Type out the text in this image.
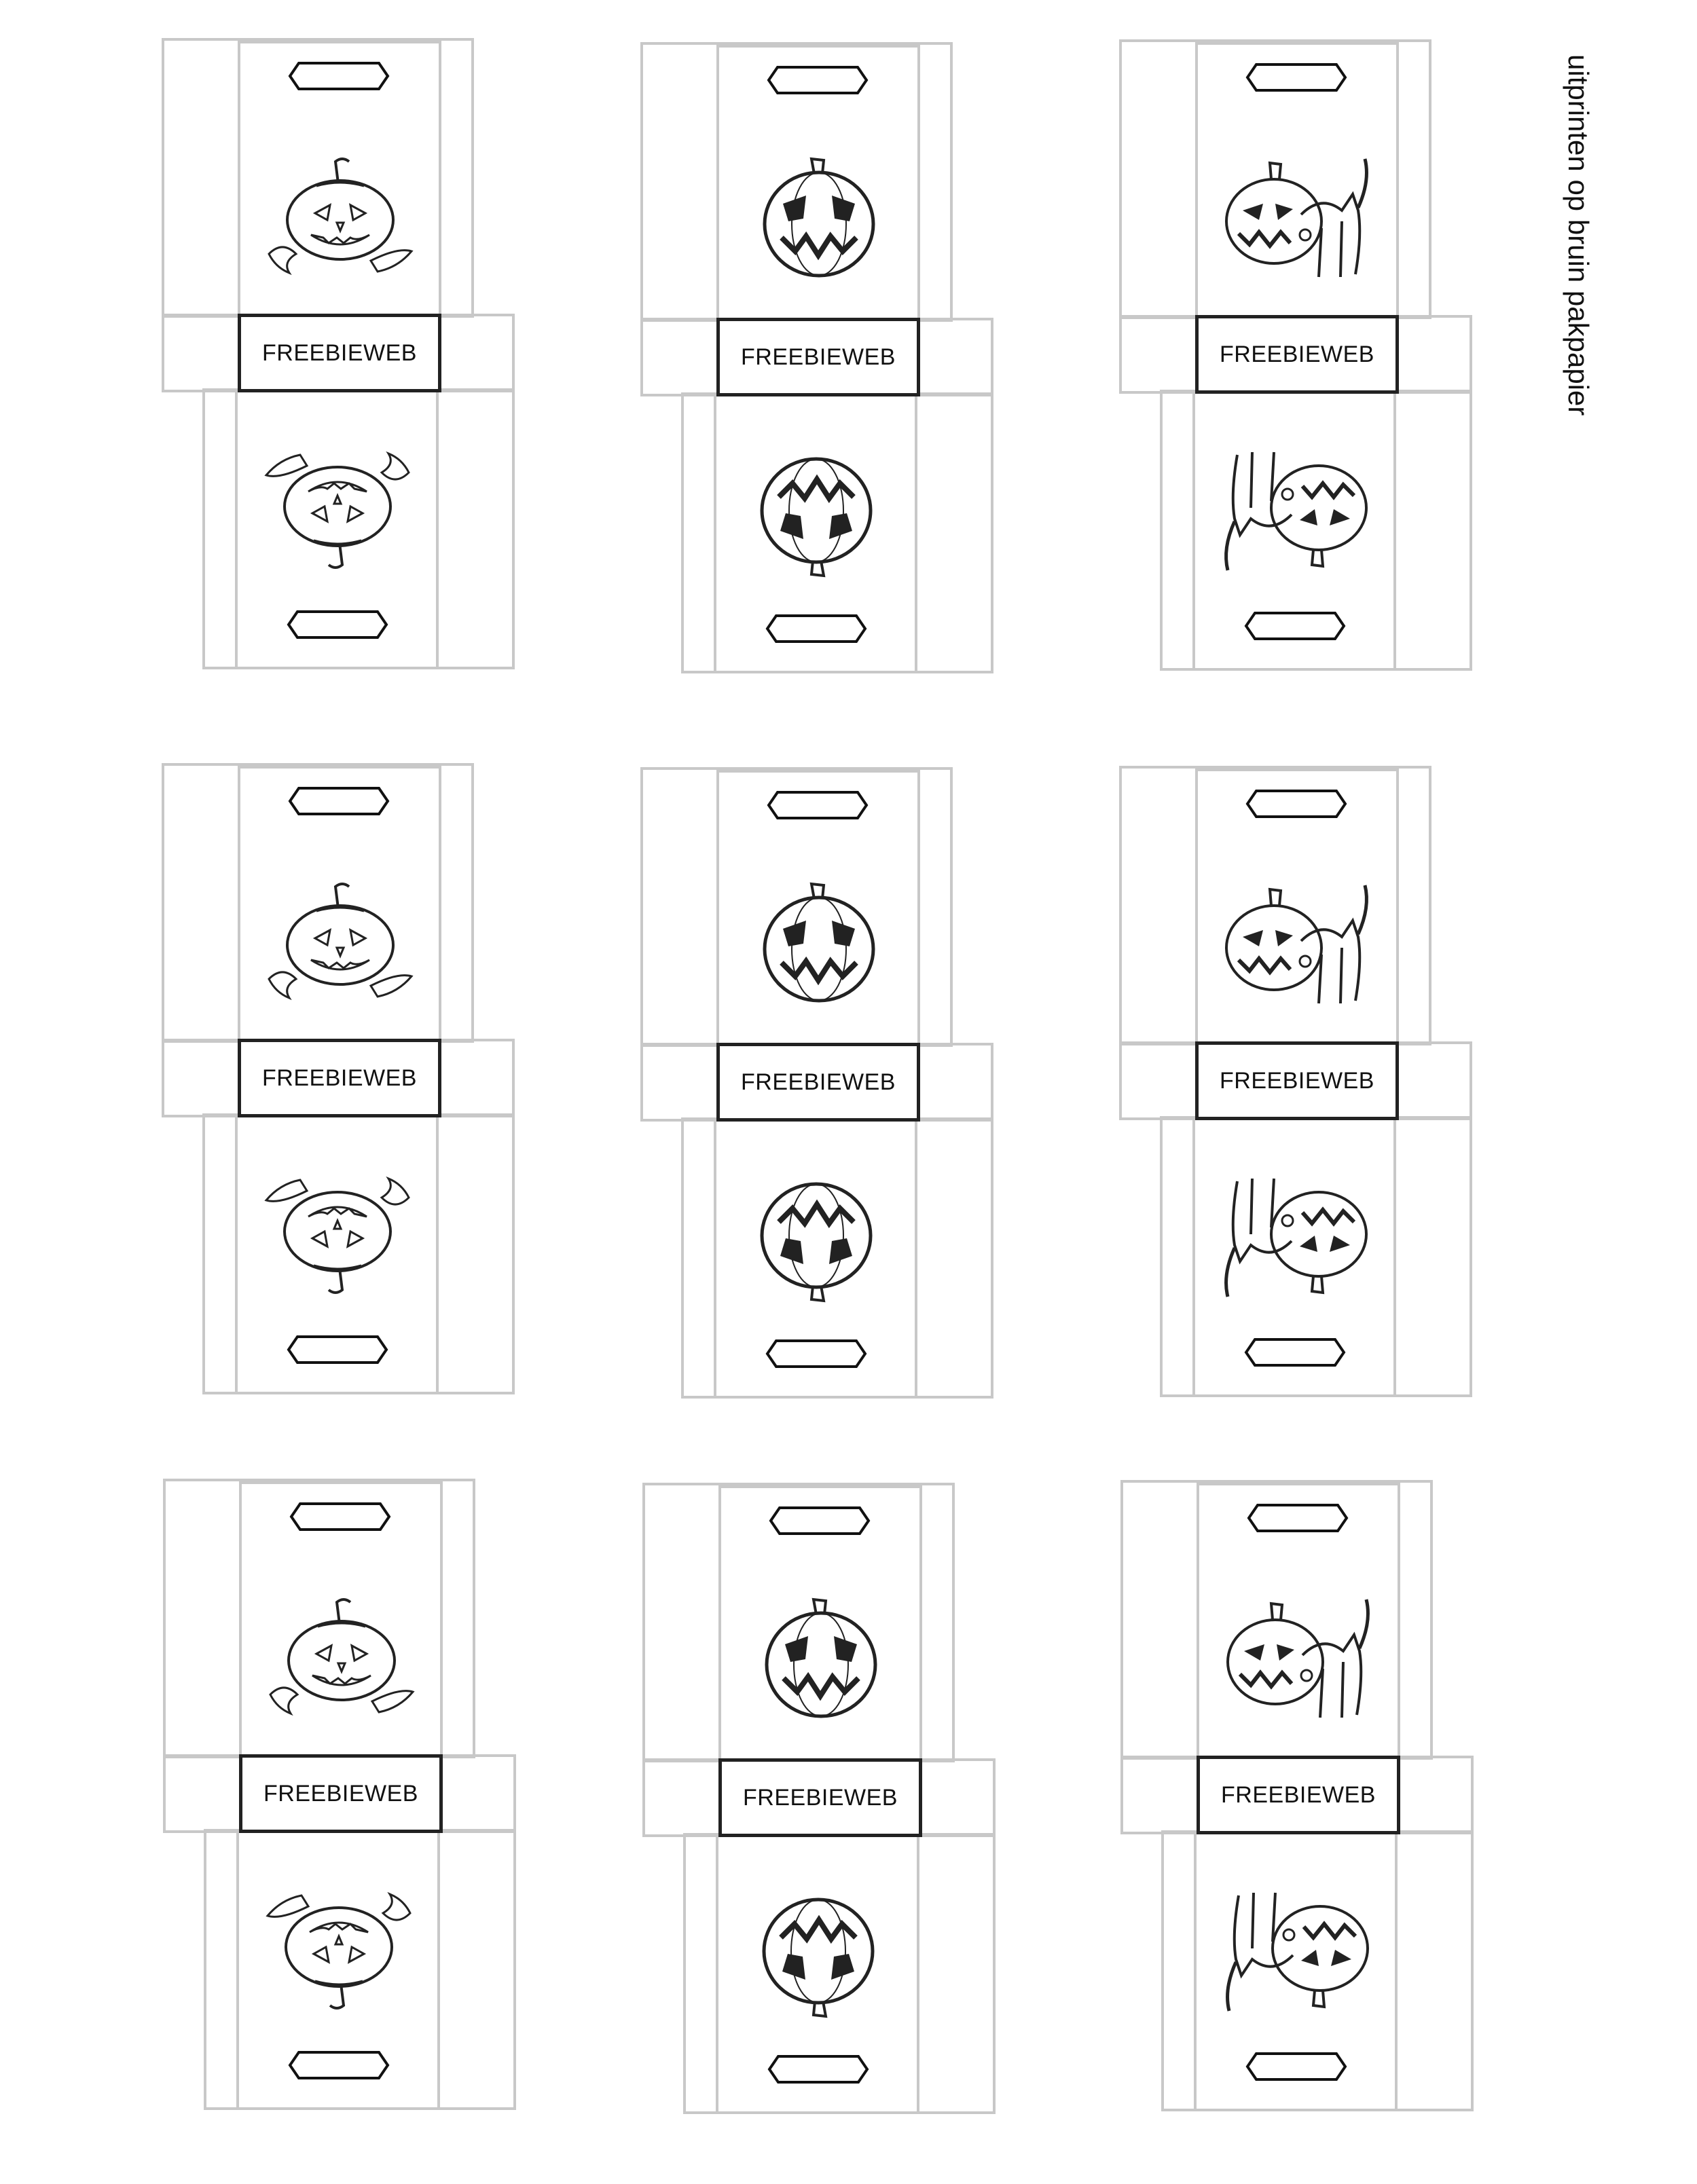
uitprinten op bruin pakpapier
FREEBIEWEB	FREEBIEWEB	FREEBIEWEB
FREEBIEWEB	FREEBIEWEB	FREEBIEWEB
FREEBIEWEB	FREEBIEWEB	FREEBIEWEB
